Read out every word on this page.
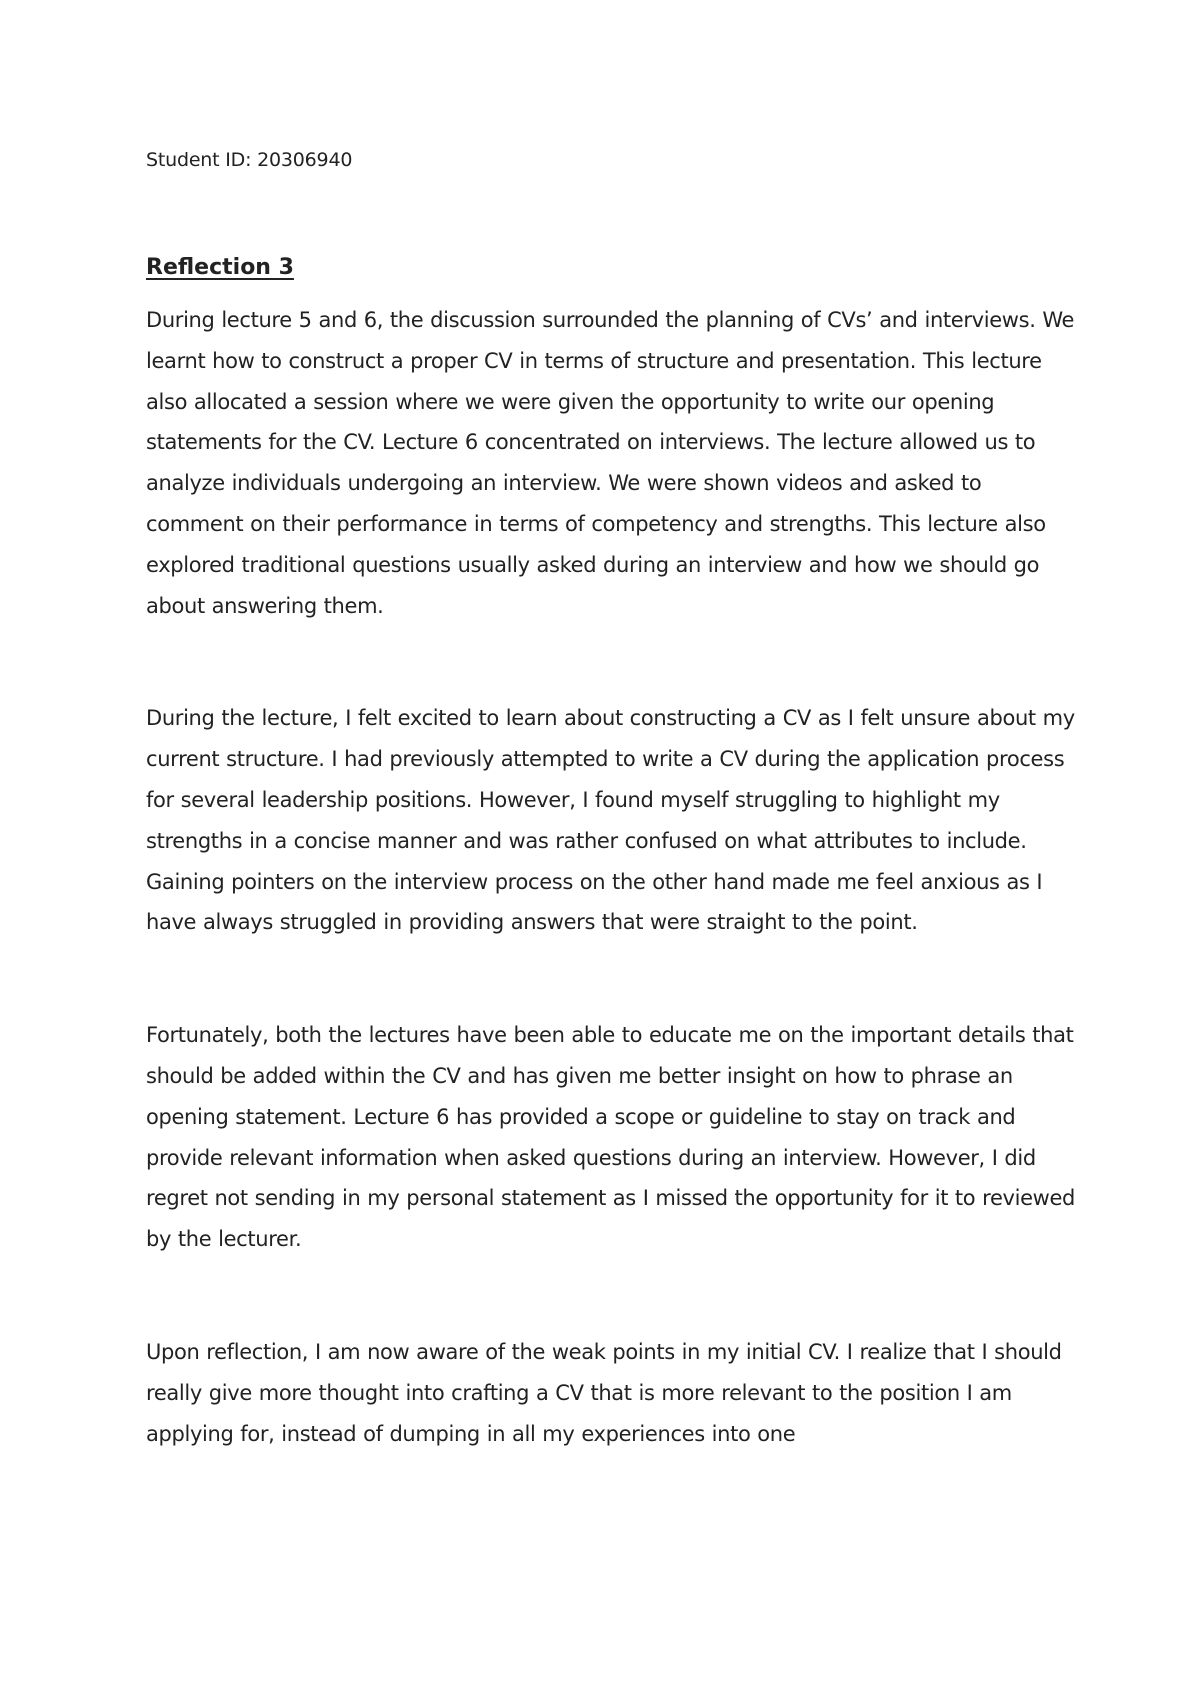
Student ID: 20306940

Reflection 3

During lecture 5 and 6, the discussion surrounded the planning of CVs’ and interviews. We learnt how to construct a proper CV in terms of structure and presentation. This lecture also allocated a session where we were given the opportunity to write our opening statements for the CV. Lecture 6 concentrated on interviews. The lecture allowed us to analyze individuals undergoing an interview. We were shown videos and asked to comment on their performance in terms of competency and strengths. This lecture also explored traditional questions usually asked during an interview and how we should go about answering them.

During the lecture, I felt excited to learn about constructing a CV as I felt unsure about my current structure. I had previously attempted to write a CV during the application process for several leadership positions. However, I found myself struggling to highlight my strengths in a concise manner and was rather confused on what attributes to include. Gaining pointers on the interview process on the other hand made me feel anxious as I have always struggled in providing answers that were straight to the point.

Fortunately, both the lectures have been able to educate me on the important details that should be added within the CV and has given me better insight on how to phrase an opening statement. Lecture 6 has provided a scope or guideline to stay on track and provide relevant information when asked questions during an interview. However, I did regret not sending in my personal statement as I missed the opportunity for it to reviewed by the lecturer.

Upon reflection, I am now aware of the weak points in my initial CV. I realize that I should really give more thought into crafting a CV that is more relevant to the position I am applying for, instead of dumping in all my experiences into one
